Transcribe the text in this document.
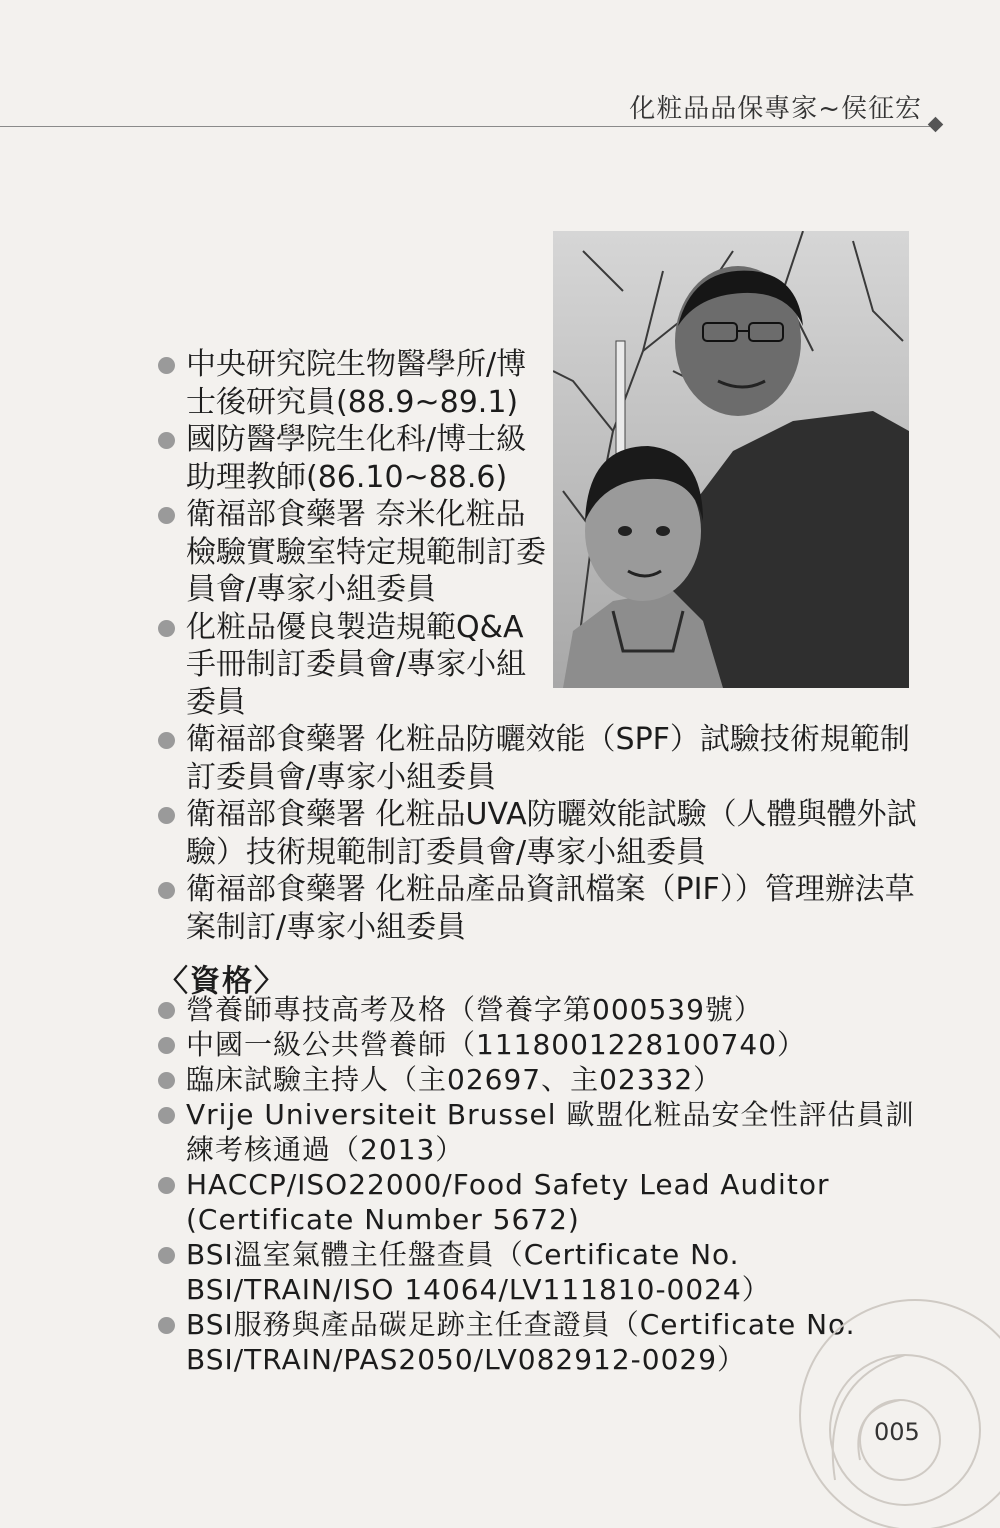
化粧品品保專家~侯征宏
中央研究院生物醫學所/博士後研究員(88.9~89.1)
國防醫學院生化科/博士級助理教師(86.10~88.6)
衛福部食藥署 奈米化粧品檢驗實驗室特定規範制訂委員會/專家小組委員
化粧品優良製造規範Q&A手冊制訂委員會/專家小組委員
衛福部食藥署 化粧品防曬效能（SPF）試驗技術規範制訂委員會/專家小組委員
衛福部食藥署 化粧品UVA防曬效能試驗（人體與體外試驗）技術規範制訂委員會/專家小組委員
衛福部食藥署 化粧品產品資訊檔案（PIF））管理辦法草案制訂/專家小組委員
〈資格〉
營養師專技高考及格（營養字第000539號）
中國一級公共營養師（1118001228100740）
臨床試驗主持人（主02697、主02332）
Vrije Universiteit Brussel 歐盟化粧品安全性評估員訓練考核通過（2013）
HACCP/ISO22000/Food Safety Lead Auditor (Certificate Number 5672)
BSI溫室氣體主任盤查員（Certificate No. BSI/TRAIN/ISO 14064/LV111810-0024）
BSI服務與產品碳足跡主任查證員（Certificate No. BSI/TRAIN/PAS2050/LV082912-0029）
005
